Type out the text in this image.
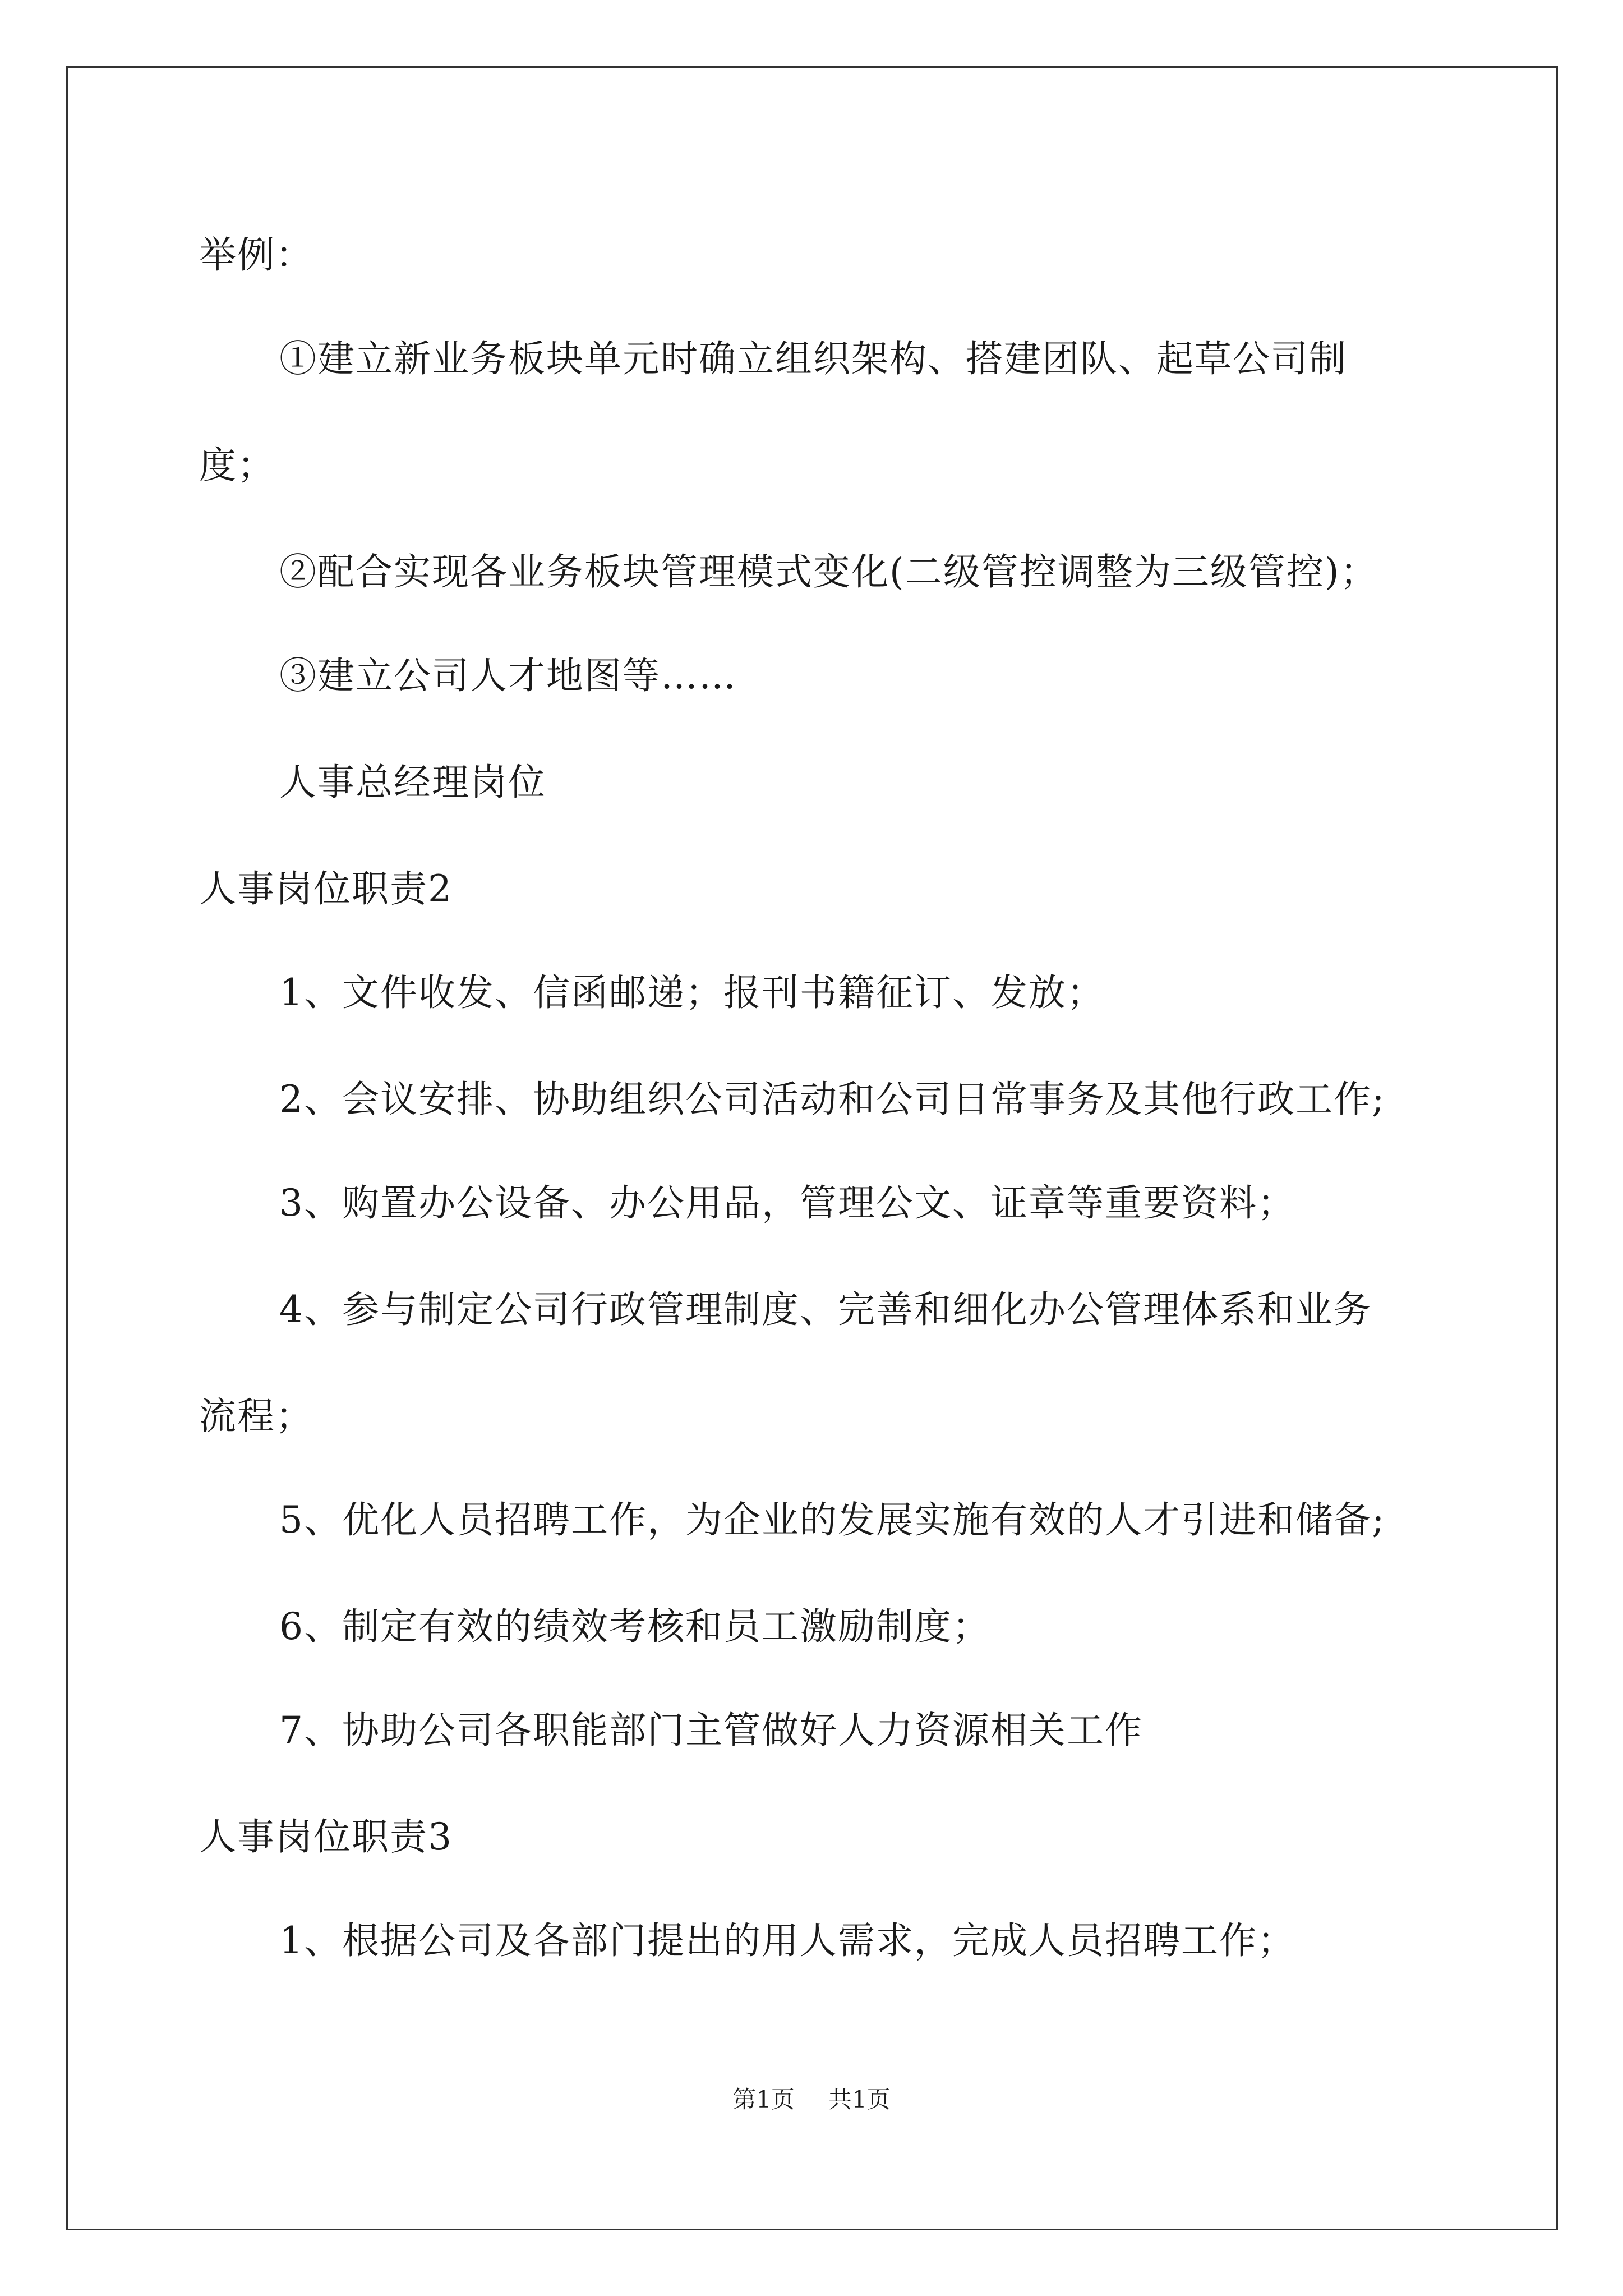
举例：
①建立新业务板块单元时确立组织架构、搭建团队、起草公司制
度；
②配合实现各业务板块管理模式变化(二级管控调整为三级管控)；
③建立公司人才地图等……
人事总经理岗位
人事岗位职责2
1、文件收发、信函邮递；报刊书籍征订、发放；
2、会议安排、协助组织公司活动和公司日常事务及其他行政工作;
3、购置办公设备、办公用品，管理公文、证章等重要资料；
4、参与制定公司行政管理制度、完善和细化办公管理体系和业务
流程；
5、优化人员招聘工作，为企业的发展实施有效的人才引进和储备;
6、制定有效的绩效考核和员工激励制度；
7、协助公司各职能部门主管做好人力资源相关工作
人事岗位职责3
1、根据公司及各部门提出的用人需求，完成人员招聘工作；
第1页 共1页
